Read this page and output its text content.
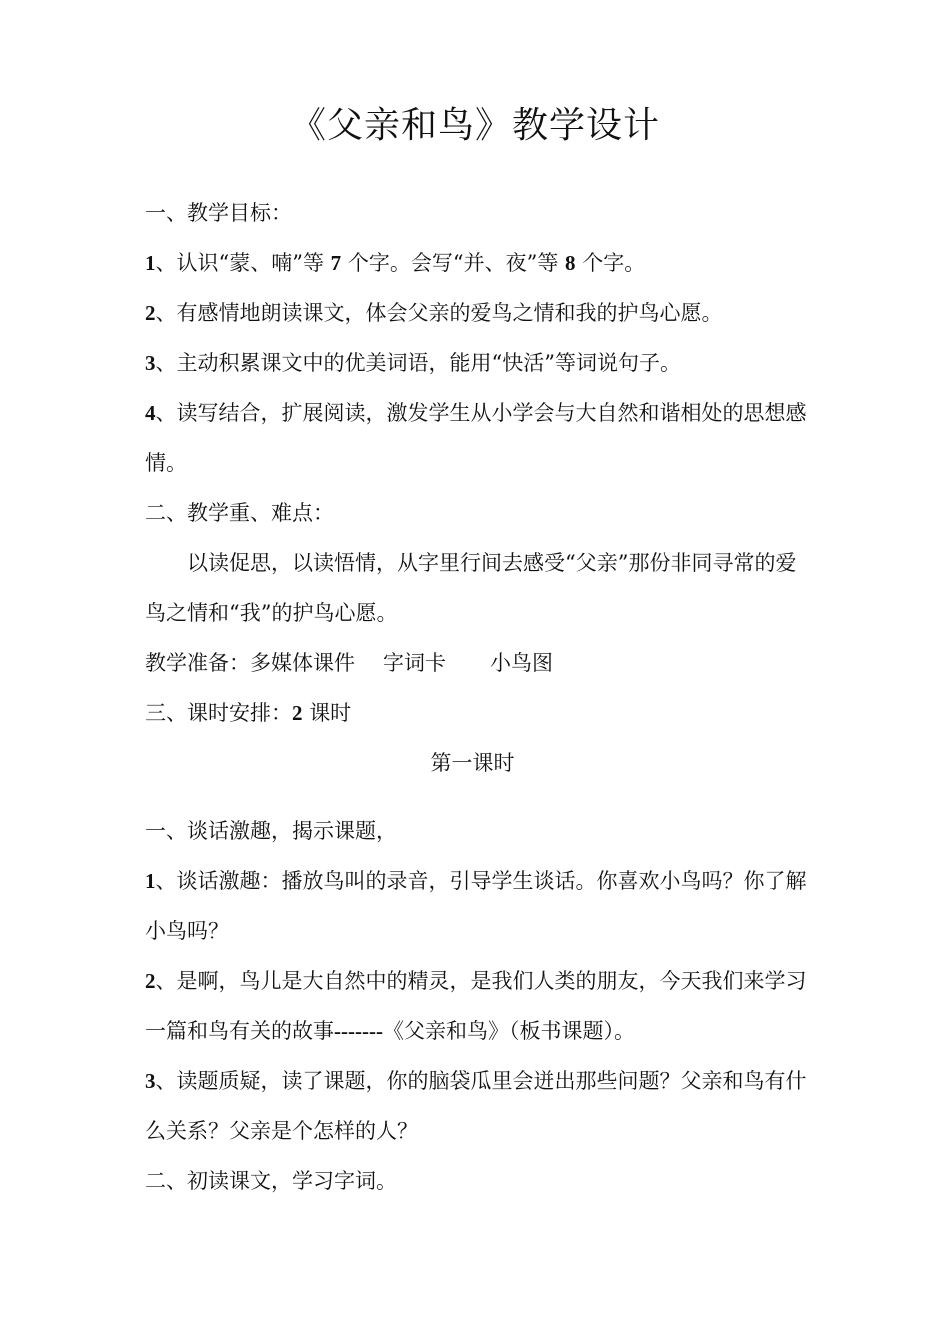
《父亲和鸟》教学设计

一、教学目标：

1、认识“蒙、喃”等 7 个字。会写“并、夜”等 8 个字。

2、有感情地朗读课文，体会父亲的爱鸟之情和我的护鸟心愿。

3、主动积累课文中的优美词语，能用“快活”等词说句子。

4、读写结合，扩展阅读，激发学生从小学会与大自然和谐相处的思想感情。

二、教学重、难点：

以读促思，以读悟情，从字里行间去感受“父亲”那份非同寻常的爱鸟之情和“我”的护鸟心愿。

教学准备：多媒体课件 字词卡 小鸟图

三、课时安排：2 课时

第一课时

一、谈话激趣，揭示课题，

1、谈话激趣：播放鸟叫的录音，引导学生谈话。你喜欢小鸟吗？你了解小鸟吗？

2、是啊，鸟儿是大自然中的精灵，是我们人类的朋友，今天我们来学习一篇和鸟有关的故事-------《父亲和鸟》（板书课题）。

3、读题质疑，读了课题，你的脑袋瓜里会迸出那些问题？父亲和鸟有什么关系？父亲是个怎样的人？

二、初读课文，学习字词。
